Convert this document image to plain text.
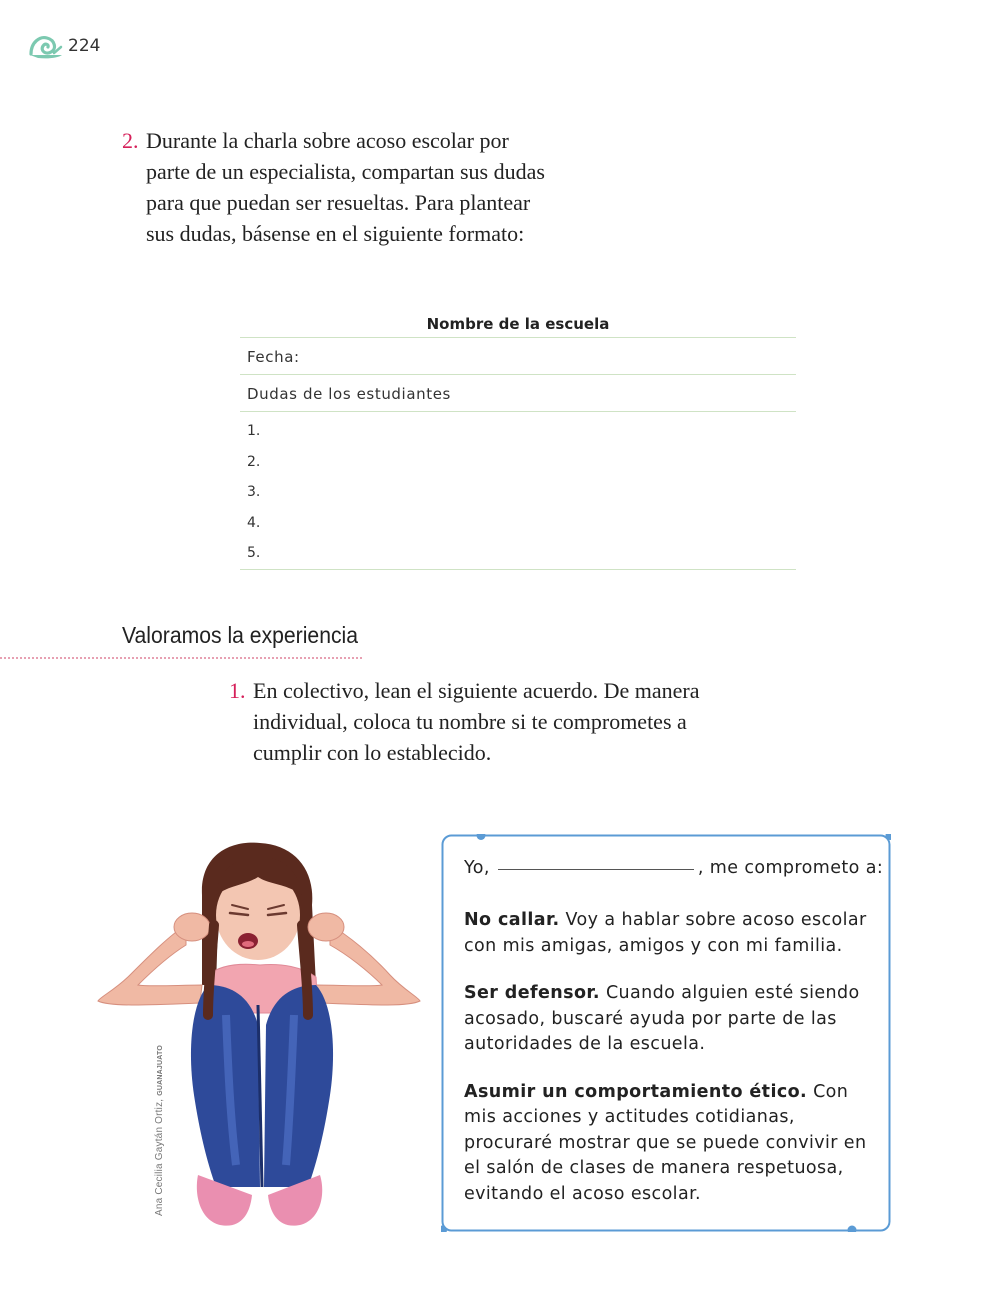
224
2. Durante la charla sobre acoso escolar por
parte de un especialista, compartan sus dudas
para que puedan ser resueltas. Para plantear
sus dudas, básense en el siguiente formato:
Nombre de la escuela
Fecha:
Dudas de los estudiantes
1.
2.
3.
4.
5.
Valoramos la experiencia
1. En colectivo, lean el siguiente acuerdo. De manera
individual, coloca tu nombre si te comprometes a
cumplir con lo establecido.
Ana Cecilia Gaytán Ortiz, GUANAJUATO
Yo,	, me comprometo a:
No callar. Voy a hablar sobre acoso escolar con mis amigas, amigos y con mi familia.
Ser defensor. Cuando alguien esté siendo acosado, buscaré ayuda por parte de las autoridades de la escuela.
Asumir un comportamiento ético. Con mis acciones y actitudes cotidianas, procuraré mostrar que se puede convivir en el salón de clases de manera respetuosa, evitando el acoso escolar.
